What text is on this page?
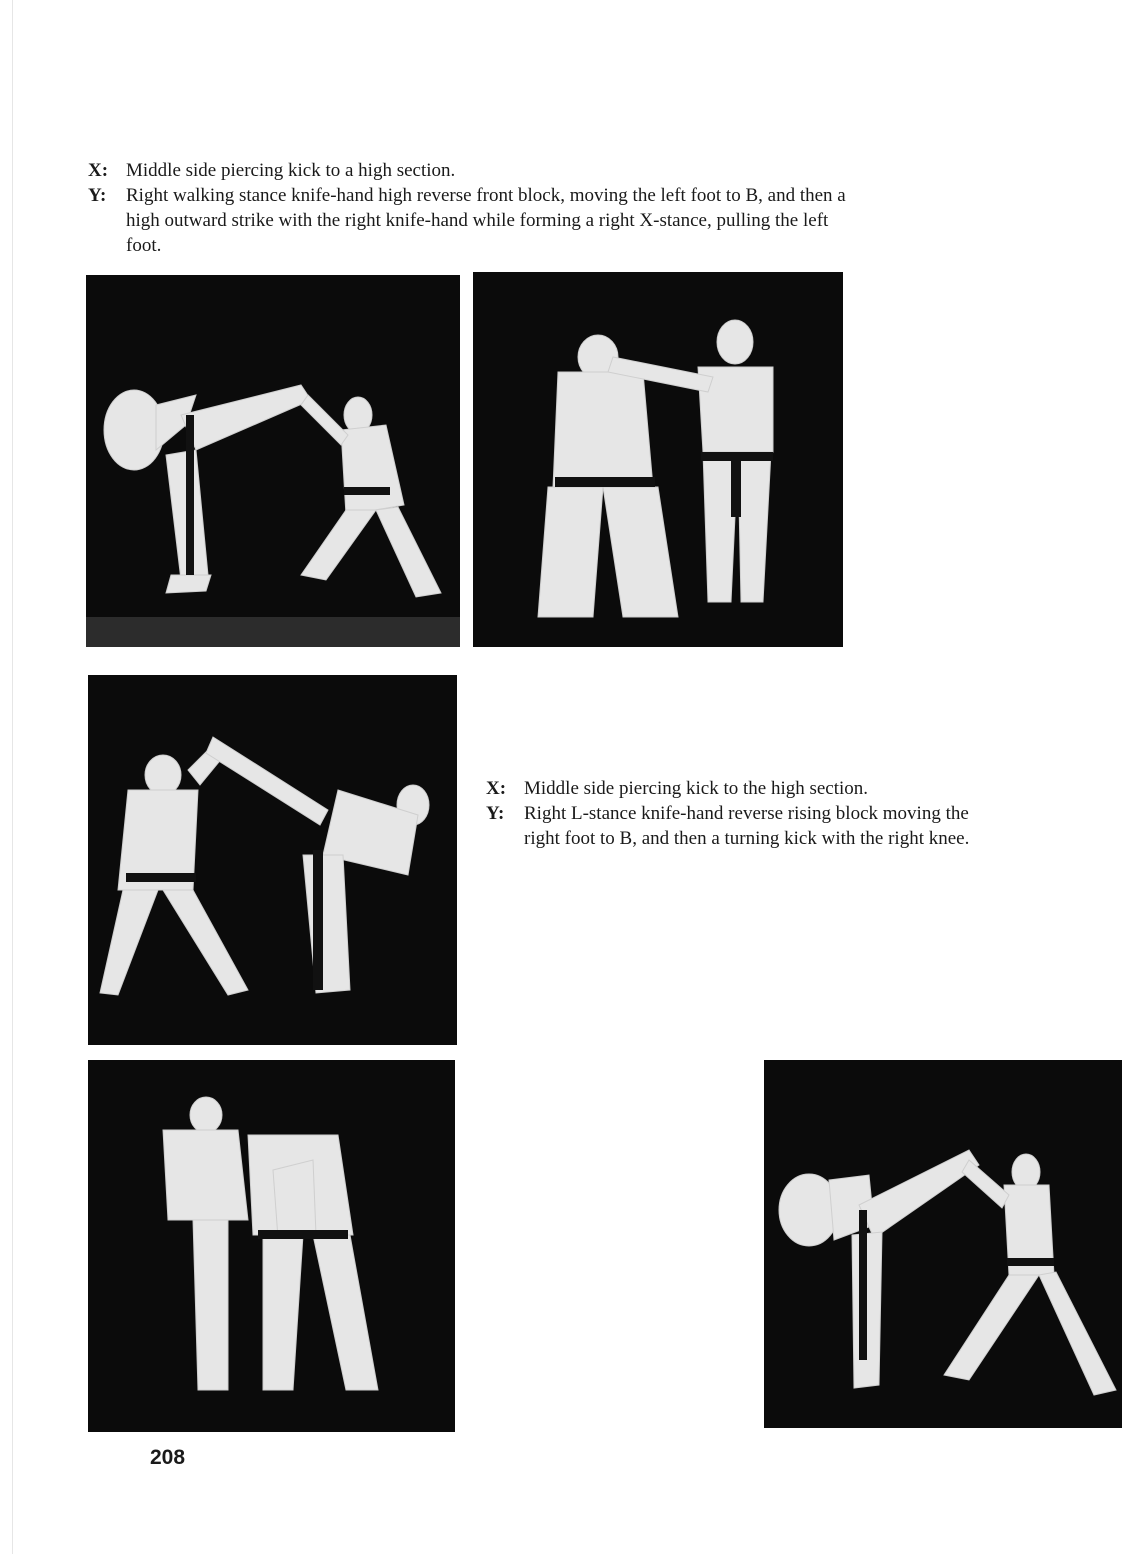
X: Middle side piercing kick to a high section.
Y: Right walking stance knife-hand high reverse front block, moving the left foot to B, and then a high outward strike with the right knife-hand while forming a right X-stance, pulling the left foot.
X: Middle side piercing kick to the high section.
Y: Right L-stance knife-hand reverse rising block moving the right foot to B, and then a turning kick with the right knee.
208
